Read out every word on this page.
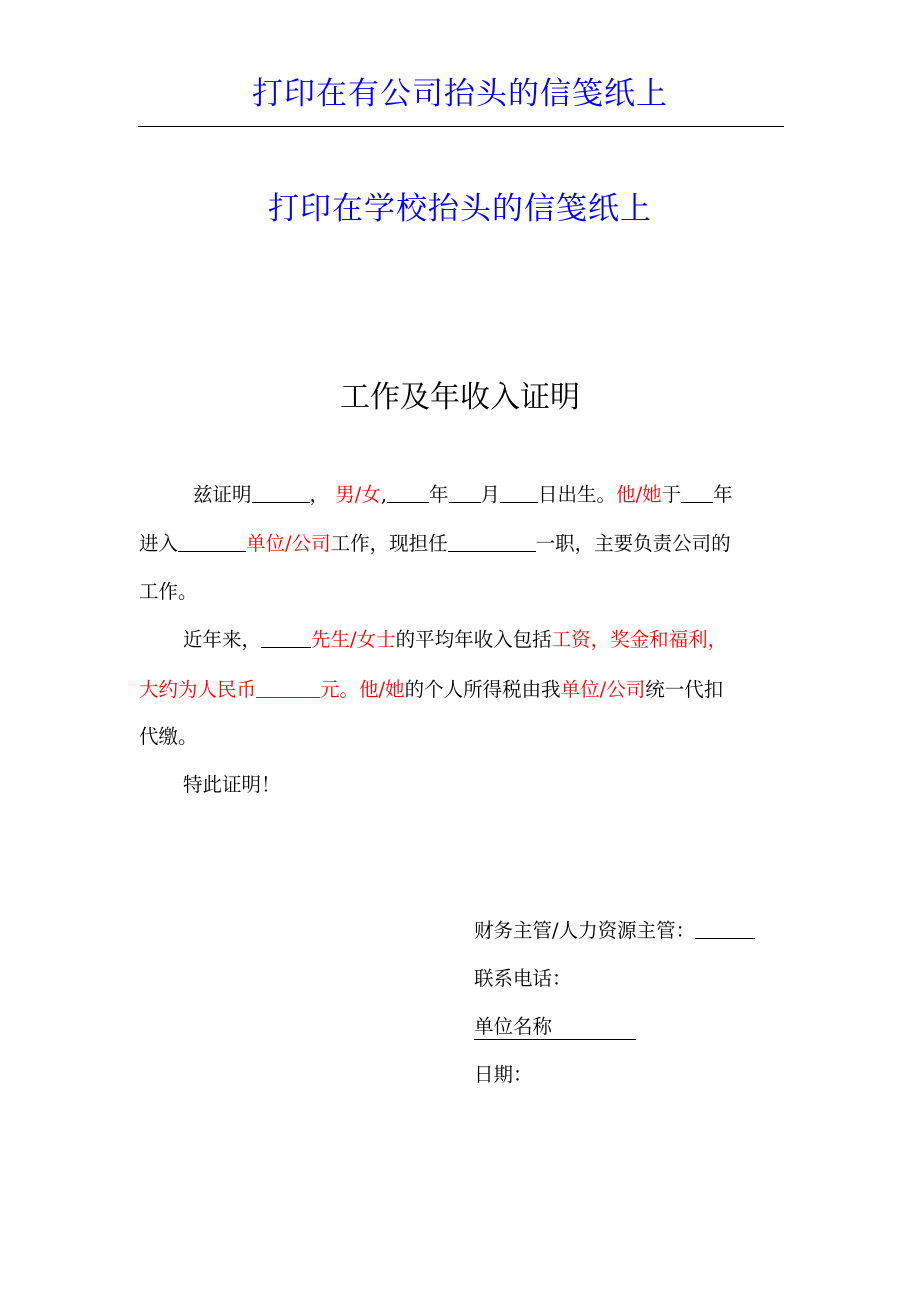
打印在有公司抬头的信笺纸上
打印在学校抬头的信笺纸上
工作及年收入证明
兹证明	， 男/女, 年 月 日出生。他/她于 年
进入	单位/公司工作，现担任	一职，主要负责公司的
工作。
近年来，	先生/女士的平均年收入包括工资，奖金和福利，
大约为人民币	元。他/她的个人所得税由我单位/公司统一代扣
代缴。
特此证明！
财务主管/人力资源主管：
联系电话：
单位名称
日期：
